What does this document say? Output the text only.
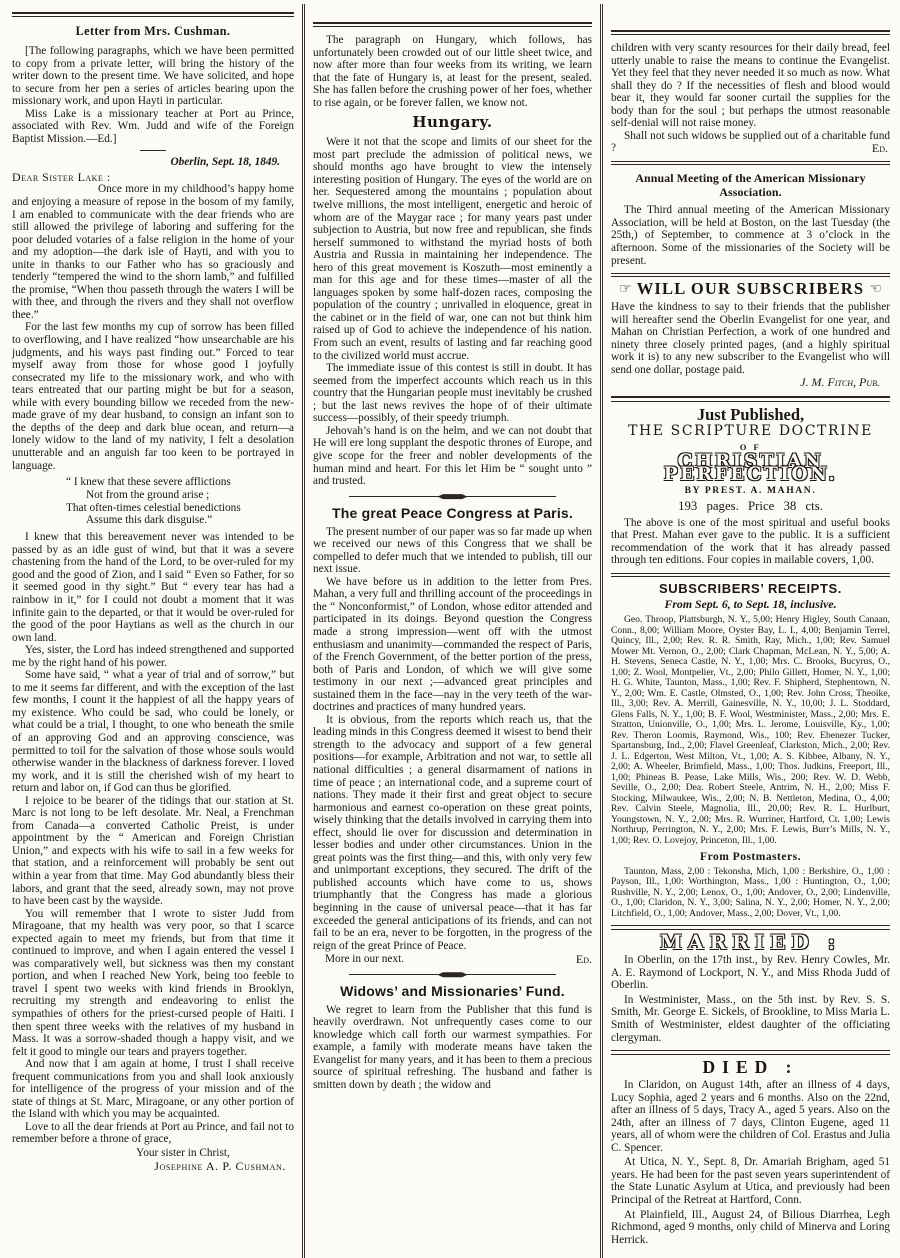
Letter from Mrs. Cushman.

[The following paragraphs, which we have been permitted to copy from a private letter, will bring the history of the writer down to the present time. We have solicited, and hope to secure from her pen a series of articles bearing upon the missionary work, and upon Hayti in particular.

Miss Lake is a missionary teacher at Port au Prince, associated with Rev. Wm. Judd and wife of the Foreign Baptist Mission.—Ed.]

Oberlin, Sept. 18, 1849.
Dear Sister Lake :

Once more in my childhood’s happy home and enjoying a measure of repose in the bosom of my family, I am enabled to communicate with the dear friends who are still allowed the privilege of laboring and suffering for the poor deluded votaries of a false religion in the home of your and my adoption—the dark isle of Hayti, and with you to unite in thanks to our Father who has so graciously and tenderly “tempered the wind to the shorn lamb,” and fulfilled the promise, “When thou passeth through the waters I will be with thee, and through the rivers and they shall not overflow thee.”

For the last few months my cup of sorrow has been filled to overflowing, and I have realized “how unsearchable are his judgments, and his ways past finding out.” Forced to tear myself away from those for whose good I joyfully consecrated my life to the missionary work, and who with tears entreated that our parting might be but for a season, while with every bounding billow we receded from the new-made grave of my dear husband, to consign an infant son to the depths of the deep and dark blue ocean, and return—a lonely widow to the land of my nativity, I felt a desolation unutterable and an anguish far too keen to be portrayed in language.

“ I knew that these severe afflictions
Not from the ground arise ;
That often-times celestial benedictions
Assume this dark disguise.”

I knew that this bereavement never was intended to be passed by as an idle gust of wind, but that it was a severe chastening from the hand of the Lord, to be over-ruled for my good and the good of Zion, and I said “ Even so Father, for so it seemed good in thy sight.” But “ every tear has had a rainbow in it,” for I could not doubt a moment that it was infinite gain to the departed, or that it would be over-ruled for the good of the poor Haytians as well as the church in our own land.

Yes, sister, the Lord has indeed strengthened and supported me by the right hand of his power.

Some have said, “ what a year of trial and of sorrow,” but to me it seems far different, and with the exception of the last few months, I count it the happiest of all the happy years of my existence. Who could be sad, who could be lonely, or what could be a trial, I thought, to one who beneath the smile of an approving God and an approving conscience, was permitted to toil for the salvation of those whose souls would otherwise wander in the blackness of darkness forever. I loved my work, and it is still the cherished wish of my heart to return and labor on, if God can thus be glorified.

I rejoice to be bearer of the tidings that our station at St. Marc is not long to be left desolate. Mr. Neal, a Frenchman from Canada—a converted Catholic Preist, is under appointment by the “ American and Foreign Christian Union,” and expects with his wife to sail in a few weeks for that station, and a reinforcement will probably be sent out within a year from that time. May God abundantly bless their labors, and grant that the seed, already sown, may not prove to have been cast by the wayside.

You will remember that I wrote to sister Judd from Miragoane, that my health was very poor, so that I scarce expected again to meet my friends, but from that time it continued to improve, and when I again entered the vessel I was comparatively well, but sickness was then my constant portion, and when I reached New York, being too feeble to travel I spent two weeks with kind friends in Brooklyn, recruiting my strength and endeavoring to enlist the sympathies of others for the priest-cursed people of Haiti. I then spent three weeks with the relatives of my husband in Mass. It was a sorrow-shaded though a happy visit, and we felt it good to mingle our tears and prayers together.

And now that I am again at home, I trust I shall receive frequent communications from you and shall look anxiously for intelligence of the progress of your mission and of the state of things at St. Marc, Miragoane, or any other portion of the Island with which you may be acquainted.

Love to all the dear friends at Port au Prince, and fail not to remember before a throne of grace,

Your sister in Christ,
Josephine A. P. Cushman.

The paragraph on Hungary, which follows, has unfortunately been crowded out of our little sheet twice, and now after more than four weeks from its writing, we learn that the fate of Hungary is, at least for the present, sealed. She has fallen before the crushing power of her foes, whether to rise again, or be forever fallen, we know not.

Hungary.

Were it not that the scope and limits of our sheet for the most part preclude the admission of political news, we should months ago have brought to view the intensely interesting position of Hungary. The eyes of the world are on her. Sequestered among the mountains ; population about twelve millions, the most intelligent, energetic and heroic of whom are of the Maygar race ; for many years past under subjection to Austria, but now free and republican, she finds herself summoned to withstand the myriad hosts of both Austria and Russia in maintaining her independence. The hero of this great movement is Koszuth—most eminently a man for this age and for these times—master of all the languages spoken by some half-dozen races, composing the population of the country ; unrivalled in eloquence, great in the cabinet or in the field of war, one can not but think him raised up of God to achieve the independence of his nation. From such an event, results of lasting and far reaching good to the civilized world must accrue.

The immediate issue of this contest is still in doubt. It has seemed from the imperfect accounts which reach us in this country that the Hungarian people must inevitably be crushed ; but the last news revives the hope of of their ultimate success—possibly, of their speedy triumph.

Jehovah’s hand is on the helm, and we can not doubt that He will ere long supplant the despotic thrones of Europe, and give scope for the freer and nobler developments of the human mind and heart. For this let Him be “ sought unto ” and trusted.

The great Peace Congress at Paris.

The present number of our paper was so far made up when we received our news of this Congress that we shall be compelled to defer much that we intended to publish, till our next issue.

We have before us in addition to the letter from Pres. Mahan, a very full and thrilling account of the proceedings in the “ Nonconformist,” of London, whose editor attended and participated in its doings. Beyond question the Congress made a strong impression—went off with the utmost enthusiasm and unanimity—commanded the respect of Paris, of the French Government, of the better portion of the press, both of Paris and London, of which we will give some testimony in our next ;—advanced great principles and sustained them in the face—nay in the very teeth of the war-doctrines and practices of many hundred years.

It is obvious, from the reports which reach us, that the leading minds in this Congress deemed it wisest to bend their strength to the advocacy and support of a few general positions—for example, Arbitration and not war, to settle all national difficulties ; a general disarmament of nations in time of peace ; an international code, and a supreme court of nations. They made it their first and great object to secure harmonious and earnest co-operation on these great points, wisely thinking that the details involved in carrying them into effect, should lie over for discussion and determination in lesser bodies and under other circumstances. Union in the great points was the first thing—and this, with only very few and unimportant exceptions, they secured. The drift of the published accounts which have come to us, shows triumphantly that the Congress has made a glorious beginning in the cause of universal peace—that it has far exceeded the general anticipations of its friends, and can not fail to be an era, never to be forgotten, in the progress of the reign of the great Prince of Peace.

More in our next.	Ed.
Widows’ and Missionaries’ Fund.

We regret to learn from the Publisher that this fund is heavily overdrawn. Not unfrequently cases come to our knowledge which call forth our warmest sympathies. For example, a family with moderate means have taken the Evangelist for many years, and it has been to them a precious source of spiritual refreshing. The husband and father is smitten down by death ; the widow and

children with very scanty resources for their daily bread, feel utterly unable to raise the means to continue the Evangelist. Yet they feel that they never needed it so much as now. What shall they do ? If the necessities of flesh and blood would bear it, they would far sooner curtail the supplies for the body than for the soul ; but perhaps the utmost reasonable self-denial will not raise money.

Shall not such widows be supplied out of a charitable fund ?	Ed.
Annual Meeting of the American Missionary Association.

The Third annual meeting of the American Missionary Association, will be held at Boston, on the last Tuesday (the 25th,) of September, to commence at 3 o’clock in the afternoon. Some of the missionaries of the Society will be present.

☞ WILL OUR SUBSCRIBERS ☜

Have the kindness to say to their friends that the publisher will hereafter send the Oberlin Evangelist for one year, and Mahan on Christian Perfection, a work of one hundred and ninety three closely printed pages, (and a highly spiritual work it is) to any new subscriber to the Evangelist who will send one dollar, postage paid.

J. M. Fitch, Pub.
Just Published,
THE SCRIPTURE DOCTRINE
O F
CHRISTIAN PERFECTION.
BY PREST. A. MAHAN.
193 pages. Price 38 cts.

The above is one of the most spiritual and useful books that Prest. Mahan ever gave to the public. It is a sufficient recommendation of the work that it has already passed through ten editions. Four copies in mailable covers, 1,00.

SUBSCRIBERS’ RECEIPTS.
From Sept. 6, to Sept. 18, inclusive.

Geo. Throop, Plattsburgh, N. Y., 5,00; Henry Higley, South Canaan, Conn., 8,00; William Moore, Oyster Bay, L. I., 4,00; Benjamin Terrel, Quincy, Ill., 2,00; Rev. R. R. Smith, Ray, Mich., 1,00; Rev. Samuel Mower Mt. Vernon, O., 2,00; Clark Chapman, McLean, N. Y., 5,00; A. H. Stevens, Seneca Castle, N. Y., 1,00; Mrs. C. Brooks, Bucyrus, O., 1,00; Z. Wool, Montpelier, Vt., 2,00; Philo Gillett, Homer, N. Y., 1,00; H. G. White, Taunton, Mass., 1,00; Rev. F. Shipherd, Stephentown, N. Y., 2,00; Wm. E. Castle, Olmsted, O., 1,00; Rev. John Cross, Theoike, Ill., 3,00; Rev. A. Merrill, Gainesville, N. Y., 10,00; J. L. Stoddard, Glens Falls, N. Y., 1,00; B. F. Wool, Westminister, Mass., 2,00; Mrs. E. Stratton, Unionville, O., 1,00; Mrs. L. Jerome, Louisville, Ky., 1,00; Rev. Theron Loomis, Raymond, Wis., 100; Rev. Ebenezer Tucker, Spartansburg, Ind., 2,00; Flavel Greenleaf, Clarkston, Mich., 2,00; Rev. J. L. Edgerton, West Milton, Vt., 1,00; A. S. Kibbee, Albany, N. Y., 2,00; A. Wheeler, Brimfield, Mass., 1,00; Thos. Judkins, Freeport, Ill., 1,00; Phineas B. Pease, Lake Mills, Wis., 200; Rev. W. D. Webb, Seville, O., 2,00; Dea. Robert Steele, Antrim, N. H., 2,00; Miss F. Stocking, Milwaukee, Wis., 2,00; N. B. Nettleton, Medina, O., 4,00; Rev. Calvin Steele, Magnolia, Ill., 20,00; Rev. R. L. Hurlburt, Youngstown, N. Y., 2,00; Mrs. R. Wurriner, Hartford, Ct. 1,00; Lewis Northrup, Perrington, N. Y., 2,00; Mrs. F. Lewis, Burr’s Mills, N. Y., 1,00; Rev. O. Lovejoy, Princeton, Ill., 1,00.

From Postmasters.

Taunton, Mass, 2,00 : Tekonsha, Mich, 1,00 : Berkshire, O., 1,00 : Payson, Ill., 1,00: Worthington, Mass., 1,00 : Huntington, O., 1,00; Rushville, N. Y., 2,00; Lenox, O., 1,00; Andover, O., 2,00; Lindenville, O., 1,00; Claridon, N. Y., 3,00; Salina, N. Y., 2,00; Homer, N. Y., 2,00; Litchfield, O., 1,00; Andover, Mass., 2,00; Dover, Vt., 1,00.

MARRIED :

In Oberlin, on the 17th inst., by Rev. Henry Cowles, Mr. A. E. Raymond of Lockport, N. Y., and Miss Rhoda Judd of Oberlin.

In Westminister, Mass., on the 5th inst. by Rev. S. S. Smith, Mr. George E. Sickels, of Brookline, to Miss Maria L. Smith of Westminister, eldest daughter of the officiating clergyman.

DIED :

In Claridon, on August 14th, after an illness of 4 days, Lucy Sophia, aged 2 years and 6 months. Also on the 22nd, after an illness of 5 days, Tracy A., aged 5 years. Also on the 24th, after an illness of 7 days, Clinton Eugene, aged 11 years, all of whom were the children of Col. Erastus and Julia C. Spencer.

At Utica, N. Y., Sept. 8, Dr. Amariah Brigham, aged 51 years. He had been for the past seven years superintendent of the State Lunatic Asylum at Utica, and previously had been Principal of the Retreat at Hartford, Conn.

At Plainfield, Ill., August 24, of Bilious Diarrhea, Legh Richmond, aged 9 months, only child of Minerva and Loring Herrick.
